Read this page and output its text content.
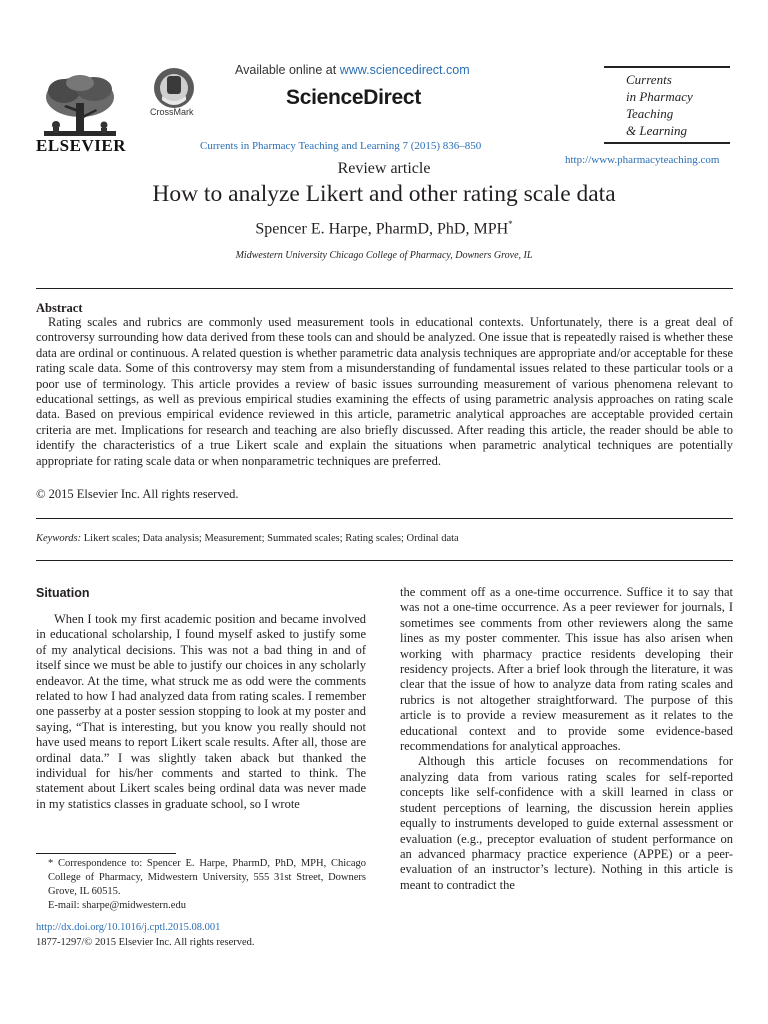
ELSEVIER
CrossMark
Available online at www.sciencedirect.com
ScienceDirect
Currents in Pharmacy Teaching and Learning 7 (2015) 836–850
Currents
in Pharmacy
Teaching
& Learning
http://www.pharmacyteaching.com
Review article
How to analyze Likert and other rating scale data
Spencer E. Harpe, PharmD, PhD, MPH*
Midwestern University Chicago College of Pharmacy, Downers Grove, IL
Abstract

Rating scales and rubrics are commonly used measurement tools in educational contexts. Unfortunately, there is a great deal of controversy surrounding how data derived from these tools can and should be analyzed. One issue that is repeatedly raised is whether these data are ordinal or continuous. A related question is whether parametric data analysis techniques are appropriate and/or acceptable for these rating scale data. Some of this controversy may stem from a misunderstanding of fundamental issues related to these particular tools or a poor use of terminology. This article provides a review of basic issues surrounding measurement of various phenomena relevant to educational settings, as well as previous empirical studies examining the effects of using parametric analysis approaches on rating scale data. Based on previous empirical evidence reviewed in this article, parametric analytical approaches are acceptable provided certain criteria are met. Implications for research and teaching are also briefly discussed. After reading this article, the reader should be able to identify the characteristics of a true Likert scale and explain the situations when parametric analytical techniques are potentially appropriate for rating scale data or when nonparametric techniques are preferred.

© 2015 Elsevier Inc. All rights reserved.
Keywords: Likert scales; Data analysis; Measurement; Summated scales; Rating scales; Ordinal data
Situation

When I took my first academic position and became involved in educational scholarship, I found myself asked to justify some of my analytical decisions. This was not a bad thing in and of itself since we must be able to justify our choices in any scholarly endeavor. At the time, what struck me as odd were the comments related to how I had analyzed data from rating scales. I remember one passerby at a poster session stopping to look at my poster and saying, “That is interesting, but you know you really should not have used means to report Likert scale results. After all, those are ordinal data.” I was slightly taken aback but thanked the individual for his/her comments and started to think. The statement about Likert scales being ordinal data was never made in my statistics classes in graduate school, so I wrote

the comment off as a one-time occurrence. Suffice it to say that was not a one-time occurrence. As a peer reviewer for journals, I sometimes see comments from other reviewers along the same lines as my poster commenter. This issue has also arisen when working with pharmacy practice residents developing their residency projects. After a brief look through the literature, it was clear that the issue of how to analyze data from rating scales and rubrics is not altogether straightforward. The purpose of this article is to provide a review measurement as it relates to the educational context and to provide some evidence-based recommendations for analytical approaches.

Although this article focuses on recommendations for analyzing data from various rating scales for self-reported concepts like self-confidence with a skill learned in class or student perceptions of learning, the discussion herein applies equally to instruments developed to guide external assessment or evaluation (e.g., preceptor evaluation of student performance on an advanced pharmacy practice experience (APPE) or a peer-evaluation of an instructor’s lecture). Nothing in this article is meant to contradict the

* Correspondence to: Spencer E. Harpe, PharmD, PhD, MPH, Chicago College of Pharmacy, Midwestern University, 555 31st Street, Downers Grove, IL 60515.

E-mail: sharpe@midwestern.edu

http://dx.doi.org/10.1016/j.cptl.2015.08.001
1877-1297/© 2015 Elsevier Inc. All rights reserved.
